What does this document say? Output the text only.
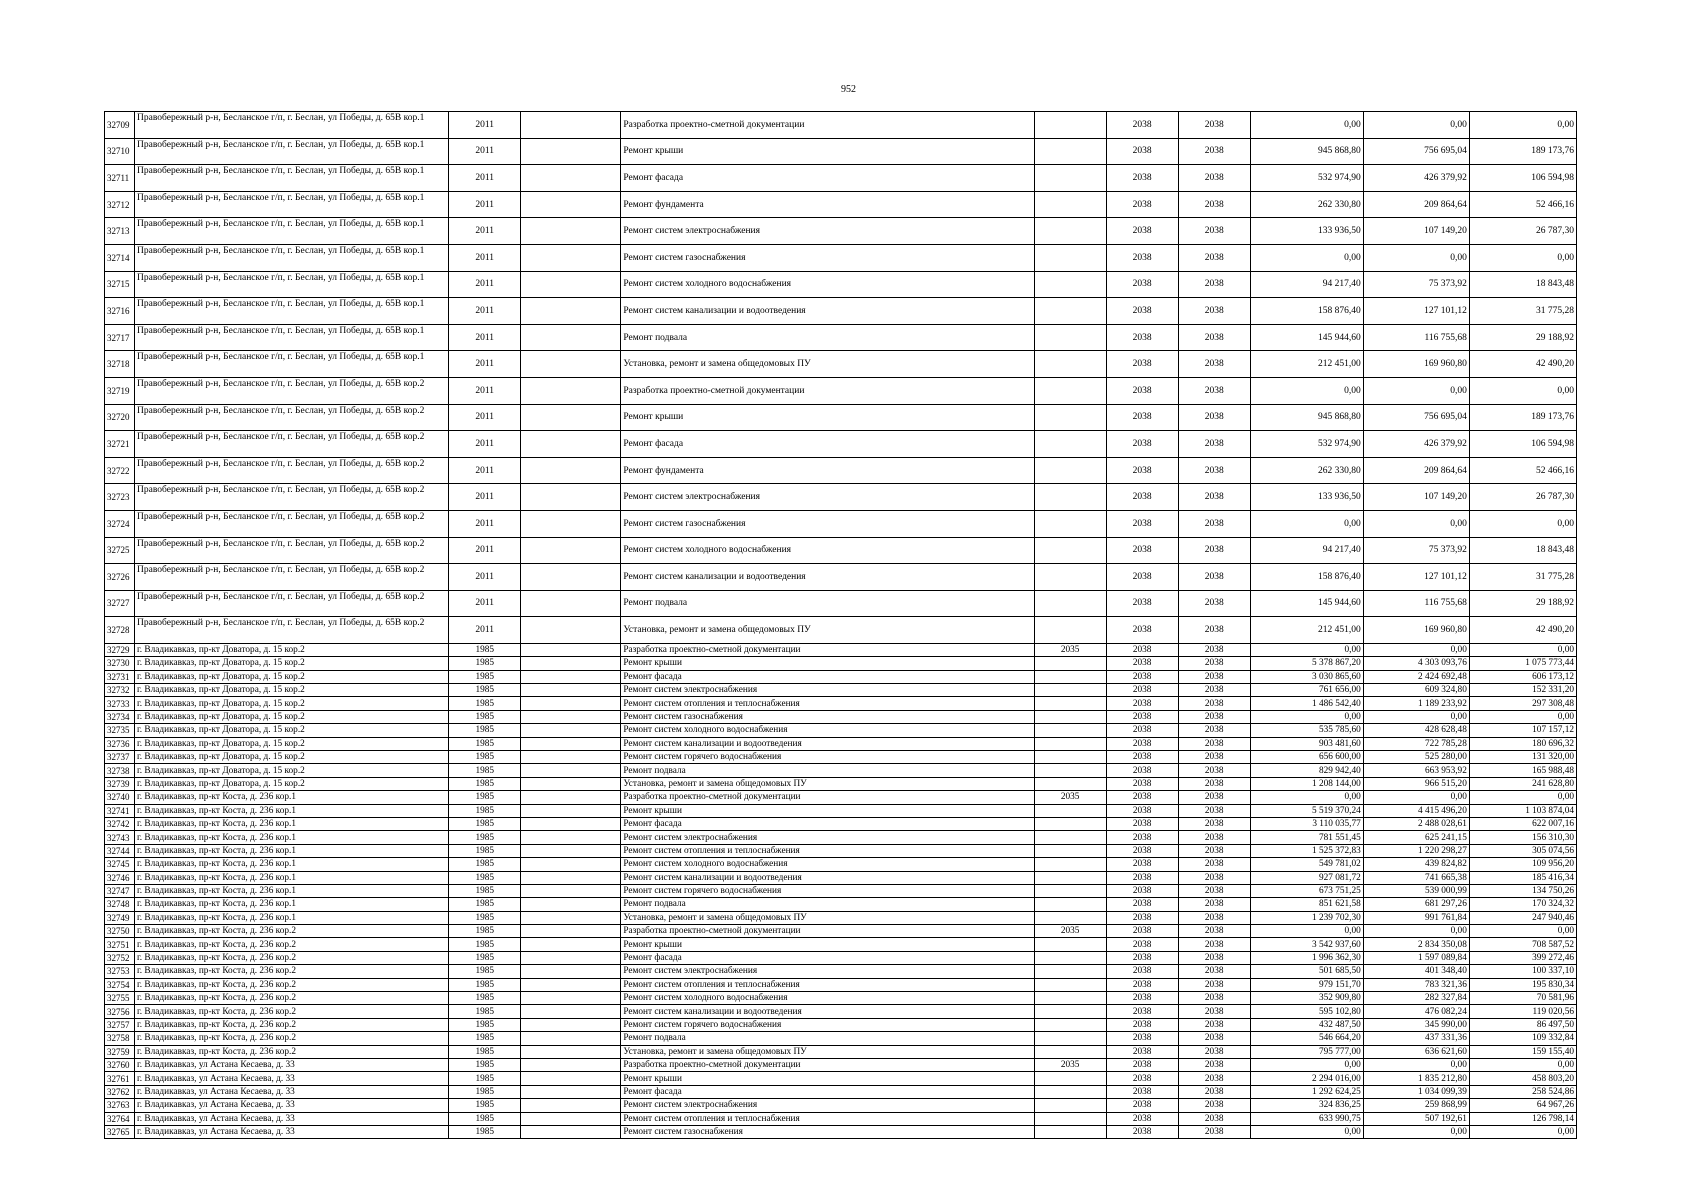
952
32709	Правобережный р-н, Бесланское г/п, г. Беслан, ул Победы, д. 65В кор.1	2011		Разработка проектно-сметной документации		2038	2038	0,00	0,00	0,00
32710	Правобережный р-н, Бесланское г/п, г. Беслан, ул Победы, д. 65В кор.1	2011		Ремонт крыши		2038	2038	945 868,80	756 695,04	189 173,76
32711	Правобережный р-н, Бесланское г/п, г. Беслан, ул Победы, д. 65В кор.1	2011		Ремонт фасада		2038	2038	532 974,90	426 379,92	106 594,98
32712	Правобережный р-н, Бесланское г/п, г. Беслан, ул Победы, д. 65В кор.1	2011		Ремонт фундамента		2038	2038	262 330,80	209 864,64	52 466,16
32713	Правобережный р-н, Бесланское г/п, г. Беслан, ул Победы, д. 65В кор.1	2011		Ремонт систем электроснабжения		2038	2038	133 936,50	107 149,20	26 787,30
32714	Правобережный р-н, Бесланское г/п, г. Беслан, ул Победы, д. 65В кор.1	2011		Ремонт систем газоснабжения		2038	2038	0,00	0,00	0,00
32715	Правобережный р-н, Бесланское г/п, г. Беслан, ул Победы, д. 65В кор.1	2011		Ремонт систем холодного водоснабжения		2038	2038	94 217,40	75 373,92	18 843,48
32716	Правобережный р-н, Бесланское г/п, г. Беслан, ул Победы, д. 65В кор.1	2011		Ремонт систем канализации и водоотведения		2038	2038	158 876,40	127 101,12	31 775,28
32717	Правобережный р-н, Бесланское г/п, г. Беслан, ул Победы, д. 65В кор.1	2011		Ремонт подвала		2038	2038	145 944,60	116 755,68	29 188,92
32718	Правобережный р-н, Бесланское г/п, г. Беслан, ул Победы, д. 65В кор.1	2011		Установка, ремонт и замена общедомовых ПУ		2038	2038	212 451,00	169 960,80	42 490,20
32719	Правобережный р-н, Бесланское г/п, г. Беслан, ул Победы, д. 65В кор.2	2011		Разработка проектно-сметной документации		2038	2038	0,00	0,00	0,00
32720	Правобережный р-н, Бесланское г/п, г. Беслан, ул Победы, д. 65В кор.2	2011		Ремонт крыши		2038	2038	945 868,80	756 695,04	189 173,76
32721	Правобережный р-н, Бесланское г/п, г. Беслан, ул Победы, д. 65В кор.2	2011		Ремонт фасада		2038	2038	532 974,90	426 379,92	106 594,98
32722	Правобережный р-н, Бесланское г/п, г. Беслан, ул Победы, д. 65В кор.2	2011		Ремонт фундамента		2038	2038	262 330,80	209 864,64	52 466,16
32723	Правобережный р-н, Бесланское г/п, г. Беслан, ул Победы, д. 65В кор.2	2011		Ремонт систем электроснабжения		2038	2038	133 936,50	107 149,20	26 787,30
32724	Правобережный р-н, Бесланское г/п, г. Беслан, ул Победы, д. 65В кор.2	2011		Ремонт систем газоснабжения		2038	2038	0,00	0,00	0,00
32725	Правобережный р-н, Бесланское г/п, г. Беслан, ул Победы, д. 65В кор.2	2011		Ремонт систем холодного водоснабжения		2038	2038	94 217,40	75 373,92	18 843,48
32726	Правобережный р-н, Бесланское г/п, г. Беслан, ул Победы, д. 65В кор.2	2011		Ремонт систем канализации и водоотведения		2038	2038	158 876,40	127 101,12	31 775,28
32727	Правобережный р-н, Бесланское г/п, г. Беслан, ул Победы, д. 65В кор.2	2011		Ремонт подвала		2038	2038	145 944,60	116 755,68	29 188,92
32728	Правобережный р-н, Бесланское г/п, г. Беслан, ул Победы, д. 65В кор.2	2011		Установка, ремонт и замена общедомовых ПУ		2038	2038	212 451,00	169 960,80	42 490,20
32729	г. Владикавказ, пр-кт Доватора, д. 15 кор.2	1985		Разработка проектно-сметной документации	2035	2038	2038	0,00	0,00	0,00
32730	г. Владикавказ, пр-кт Доватора, д. 15 кор.2	1985		Ремонт крыши		2038	2038	5 378 867,20	4 303 093,76	1 075 773,44
32731	г. Владикавказ, пр-кт Доватора, д. 15 кор.2	1985		Ремонт фасада		2038	2038	3 030 865,60	2 424 692,48	606 173,12
32732	г. Владикавказ, пр-кт Доватора, д. 15 кор.2	1985		Ремонт систем электроснабжения		2038	2038	761 656,00	609 324,80	152 331,20
32733	г. Владикавказ, пр-кт Доватора, д. 15 кор.2	1985		Ремонт систем отопления и теплоснабжения		2038	2038	1 486 542,40	1 189 233,92	297 308,48
32734	г. Владикавказ, пр-кт Доватора, д. 15 кор.2	1985		Ремонт систем газоснабжения		2038	2038	0,00	0,00	0,00
32735	г. Владикавказ, пр-кт Доватора, д. 15 кор.2	1985		Ремонт систем холодного водоснабжения		2038	2038	535 785,60	428 628,48	107 157,12
32736	г. Владикавказ, пр-кт Доватора, д. 15 кор.2	1985		Ремонт систем канализации и водоотведения		2038	2038	903 481,60	722 785,28	180 696,32
32737	г. Владикавказ, пр-кт Доватора, д. 15 кор.2	1985		Ремонт систем горячего водоснабжения		2038	2038	656 600,00	525 280,00	131 320,00
32738	г. Владикавказ, пр-кт Доватора, д. 15 кор.2	1985		Ремонт подвала		2038	2038	829 942,40	663 953,92	165 988,48
32739	г. Владикавказ, пр-кт Доватора, д. 15 кор.2	1985		Установка, ремонт и замена общедомовых ПУ		2038	2038	1 208 144,00	966 515,20	241 628,80
32740	г. Владикавказ, пр-кт Коста, д. 236 кор.1	1985		Разработка проектно-сметной документации	2035	2038	2038	0,00	0,00	0,00
32741	г. Владикавказ, пр-кт Коста, д. 236 кор.1	1985		Ремонт крыши		2038	2038	5 519 370,24	4 415 496,20	1 103 874,04
32742	г. Владикавказ, пр-кт Коста, д. 236 кор.1	1985		Ремонт фасада		2038	2038	3 110 035,77	2 488 028,61	622 007,16
32743	г. Владикавказ, пр-кт Коста, д. 236 кор.1	1985		Ремонт систем электроснабжения		2038	2038	781 551,45	625 241,15	156 310,30
32744	г. Владикавказ, пр-кт Коста, д. 236 кор.1	1985		Ремонт систем отопления и теплоснабжения		2038	2038	1 525 372,83	1 220 298,27	305 074,56
32745	г. Владикавказ, пр-кт Коста, д. 236 кор.1	1985		Ремонт систем холодного водоснабжения		2038	2038	549 781,02	439 824,82	109 956,20
32746	г. Владикавказ, пр-кт Коста, д. 236 кор.1	1985		Ремонт систем канализации и водоотведения		2038	2038	927 081,72	741 665,38	185 416,34
32747	г. Владикавказ, пр-кт Коста, д. 236 кор.1	1985		Ремонт систем горячего водоснабжения		2038	2038	673 751,25	539 000,99	134 750,26
32748	г. Владикавказ, пр-кт Коста, д. 236 кор.1	1985		Ремонт подвала		2038	2038	851 621,58	681 297,26	170 324,32
32749	г. Владикавказ, пр-кт Коста, д. 236 кор.1	1985		Установка, ремонт и замена общедомовых ПУ		2038	2038	1 239 702,30	991 761,84	247 940,46
32750	г. Владикавказ, пр-кт Коста, д. 236 кор.2	1985		Разработка проектно-сметной документации	2035	2038	2038	0,00	0,00	0,00
32751	г. Владикавказ, пр-кт Коста, д. 236 кор.2	1985		Ремонт крыши		2038	2038	3 542 937,60	2 834 350,08	708 587,52
32752	г. Владикавказ, пр-кт Коста, д. 236 кор.2	1985		Ремонт фасада		2038	2038	1 996 362,30	1 597 089,84	399 272,46
32753	г. Владикавказ, пр-кт Коста, д. 236 кор.2	1985		Ремонт систем электроснабжения		2038	2038	501 685,50	401 348,40	100 337,10
32754	г. Владикавказ, пр-кт Коста, д. 236 кор.2	1985		Ремонт систем отопления и теплоснабжения		2038	2038	979 151,70	783 321,36	195 830,34
32755	г. Владикавказ, пр-кт Коста, д. 236 кор.2	1985		Ремонт систем холодного водоснабжения		2038	2038	352 909,80	282 327,84	70 581,96
32756	г. Владикавказ, пр-кт Коста, д. 236 кор.2	1985		Ремонт систем канализации и водоотведения		2038	2038	595 102,80	476 082,24	119 020,56
32757	г. Владикавказ, пр-кт Коста, д. 236 кор.2	1985		Ремонт систем горячего водоснабжения		2038	2038	432 487,50	345 990,00	86 497,50
32758	г. Владикавказ, пр-кт Коста, д. 236 кор.2	1985		Ремонт подвала		2038	2038	546 664,20	437 331,36	109 332,84
32759	г. Владикавказ, пр-кт Коста, д. 236 кор.2	1985		Установка, ремонт и замена общедомовых ПУ		2038	2038	795 777,00	636 621,60	159 155,40
32760	г. Владикавказ, ул Астана Кесаева, д. 33	1985		Разработка проектно-сметной документации	2035	2038	2038	0,00	0,00	0,00
32761	г. Владикавказ, ул Астана Кесаева, д. 33	1985		Ремонт крыши		2038	2038	2 294 016,00	1 835 212,80	458 803,20
32762	г. Владикавказ, ул Астана Кесаева, д. 33	1985		Ремонт фасада		2038	2038	1 292 624,25	1 034 099,39	258 524,86
32763	г. Владикавказ, ул Астана Кесаева, д. 33	1985		Ремонт систем электроснабжения		2038	2038	324 836,25	259 868,99	64 967,26
32764	г. Владикавказ, ул Астана Кесаева, д. 33	1985		Ремонт систем отопления и теплоснабжения		2038	2038	633 990,75	507 192,61	126 798,14
32765	г. Владикавказ, ул Астана Кесаева, д. 33	1985		Ремонт систем газоснабжения		2038	2038	0,00	0,00	0,00
